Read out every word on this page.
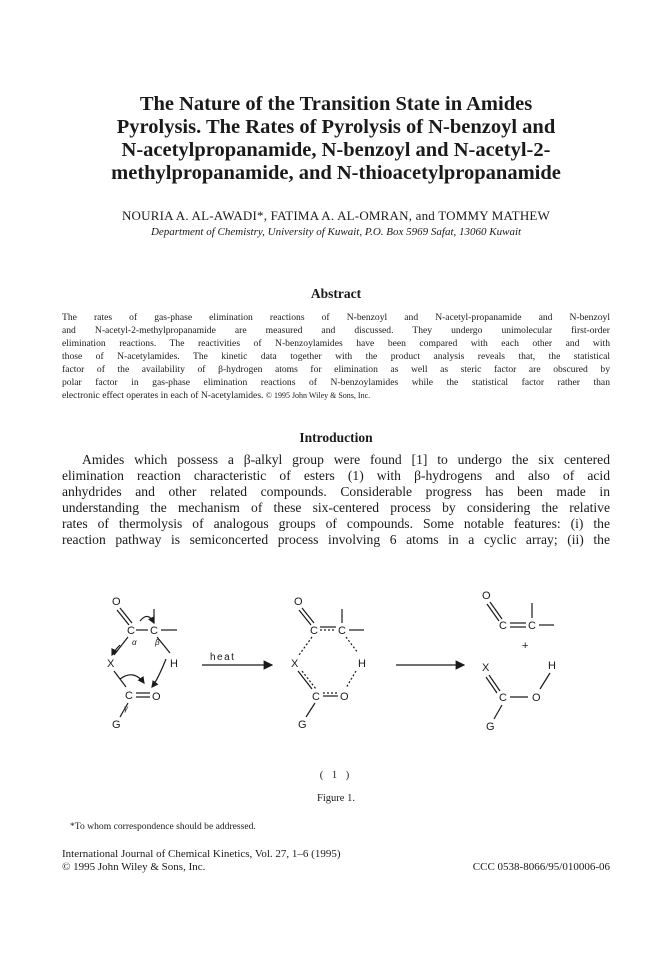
The Nature of the Transition State in Amides
Pyrolysis. The Rates of Pyrolysis of N-benzoyl and
N-acetylpropanamide, N-benzoyl and N-acetyl-2-
methylpropanamide, and N-thioacetylpropanamide
NOURIA A. AL-AWADI*, FATIMA A. AL-OMRAN, and TOMMY MATHEW
Department of Chemistry, University of Kuwait, P.O. Box 5969 Safat, 13060 Kuwait
Abstract
The rates of gas-phase elimination reactions of N-benzoyl and N-acetyl-propanamide and N-benzoyl
and N-acetyl-2-methylpropanamide are measured and discussed. They undergo unimolecular first-order
elimination reactions. The reactivities of N-benzoylamides have been compared with each other and with
those of N-acetylamides. The kinetic data together with the product analysis reveals that, the statistical
factor of the availability of β-hydrogen atoms for elimination as well as steric factor are obscured by
polar factor in gas-phase elimination reactions of N-benzoylamides while the statistical factor rather than
electronic effect operates in each of N-acetylamides. © 1995 John Wiley & Sons, Inc.
Introduction
Amides which possess a β-alkyl group were found [1] to undergo the six centered
elimination reaction characteristic of esters (1) with β-hydrogens and also of acid
anhydrides and other related compounds. Considerable progress has been made in
understanding the mechanism of these six-centered process by considering the relative
rates of thermolysis of analogous groups of compounds. Some notable features: (i) the
reaction pathway is semiconcerted process involving 6 atoms in a cyclic array; (ii) the
O
C C
α β
X	H
C O
γ
G
heat
O
C C
X	H
C O
G
O
C C
+
X	H
C O
G
( 1 )
Figure 1.
*To whom correspondence should be addressed.
International Journal of Chemical Kinetics, Vol. 27, 1–6 (1995)
© 1995 John Wiley & Sons, Inc.	CCC 0538-8066/95/010006-06
